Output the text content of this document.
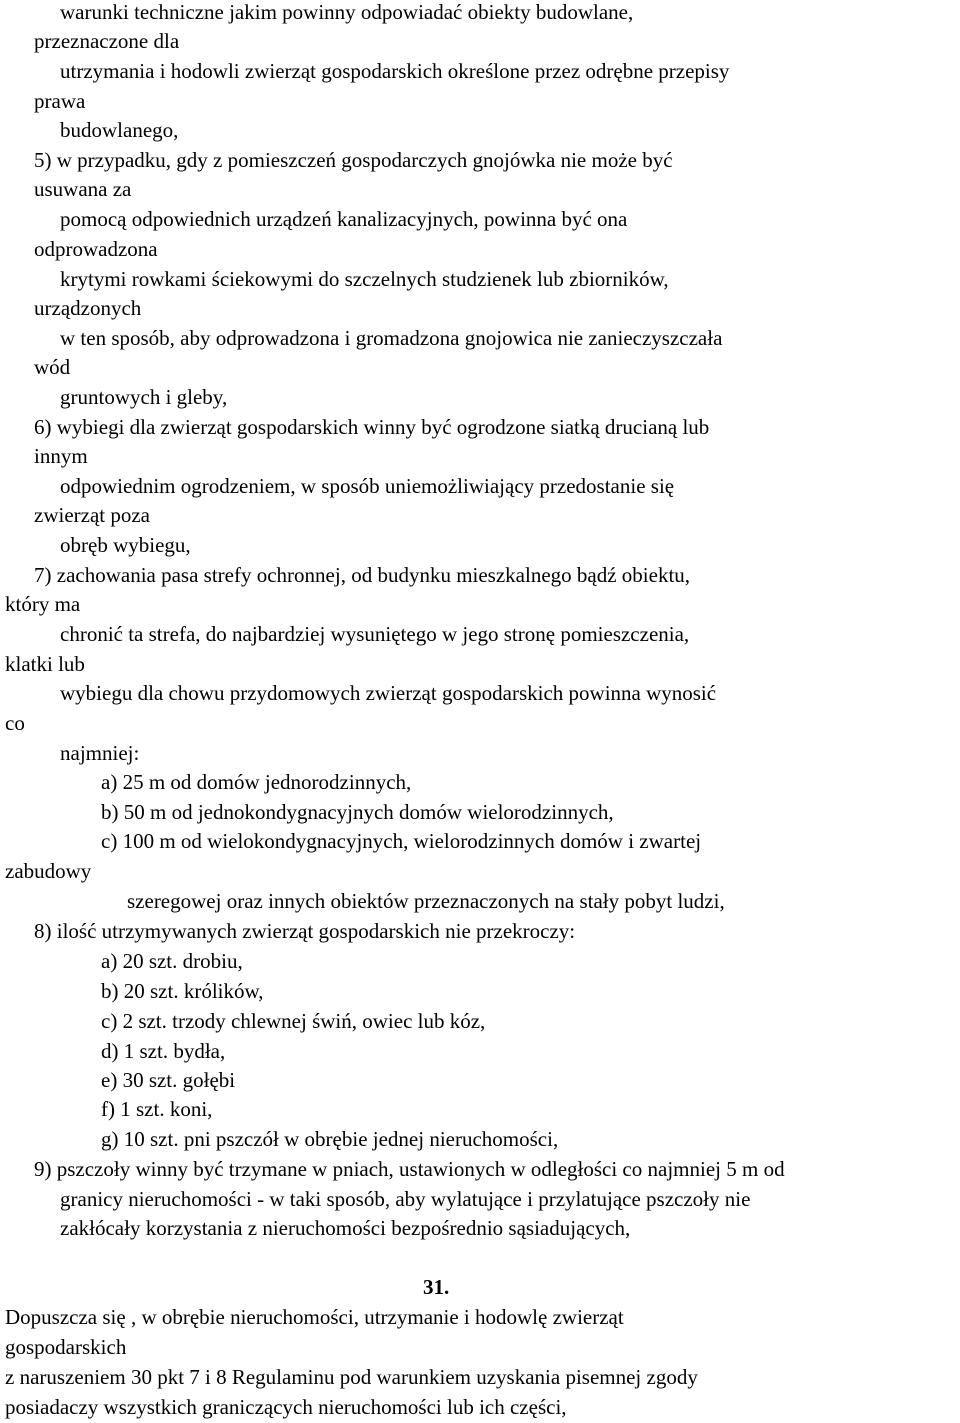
warunki techniczne jakim powinny odpowiadać obiekty budowlane,
przeznaczone dla
utrzymania i hodowli zwierząt gospodarskich określone przez odrębne przepisy
prawa
budowlanego,
5) w przypadku, gdy z pomieszczeń gospodarczych gnojówka nie może być
usuwana za
pomocą odpowiednich urządzeń kanalizacyjnych, powinna być ona
odprowadzona
krytymi rowkami ściekowymi do szczelnych studzienek lub zbiorników,
urządzonych
w ten sposób, aby odprowadzona i gromadzona gnojowica nie zanieczyszczała
wód
gruntowych i gleby,
6) wybiegi dla zwierząt gospodarskich winny być ogrodzone siatką drucianą lub
innym
odpowiednim ogrodzeniem, w sposób uniemożliwiający przedostanie się
zwierząt poza
obręb wybiegu,
7) zachowania pasa strefy ochronnej, od budynku mieszkalnego bądź obiektu,
który ma
chronić ta strefa, do najbardziej wysuniętego w jego stronę pomieszczenia,
klatki lub
wybiegu dla chowu przydomowych zwierząt gospodarskich powinna wynosić
co
najmniej:
a) 25 m od domów jednorodzinnych,
b) 50 m od jednokondygnacyjnych domów wielorodzinnych,
c) 100 m od wielokondygnacyjnych, wielorodzinnych domów i zwartej
zabudowy
szeregowej oraz innych obiektów przeznaczonych na stały pobyt ludzi,
8) ilość utrzymywanych zwierząt gospodarskich nie przekroczy:
a) 20 szt. drobiu,
b) 20 szt. królików,
c) 2 szt. trzody chlewnej świń, owiec lub kóz,
d) 1 szt. bydła,
e) 30 szt. gołębi
f) 1 szt. koni,
g) 10 szt. pni pszczół w obrębie jednej nieruchomości,
9) pszczoły winny być trzymane w pniach, ustawionych w odległości co najmniej 5 m od
granicy nieruchomości - w taki sposób, aby wylatujące i przylatujące pszczoły nie
zakłócały korzystania z nieruchomości bezpośrednio sąsiadujących,
31.
Dopuszcza się , w obrębie nieruchomości, utrzymanie i hodowlę zwierząt
gospodarskich
z naruszeniem 30 pkt 7 i 8 Regulaminu pod warunkiem uzyskania pisemnej zgody
posiadaczy wszystkich graniczących nieruchomości lub ich części,
